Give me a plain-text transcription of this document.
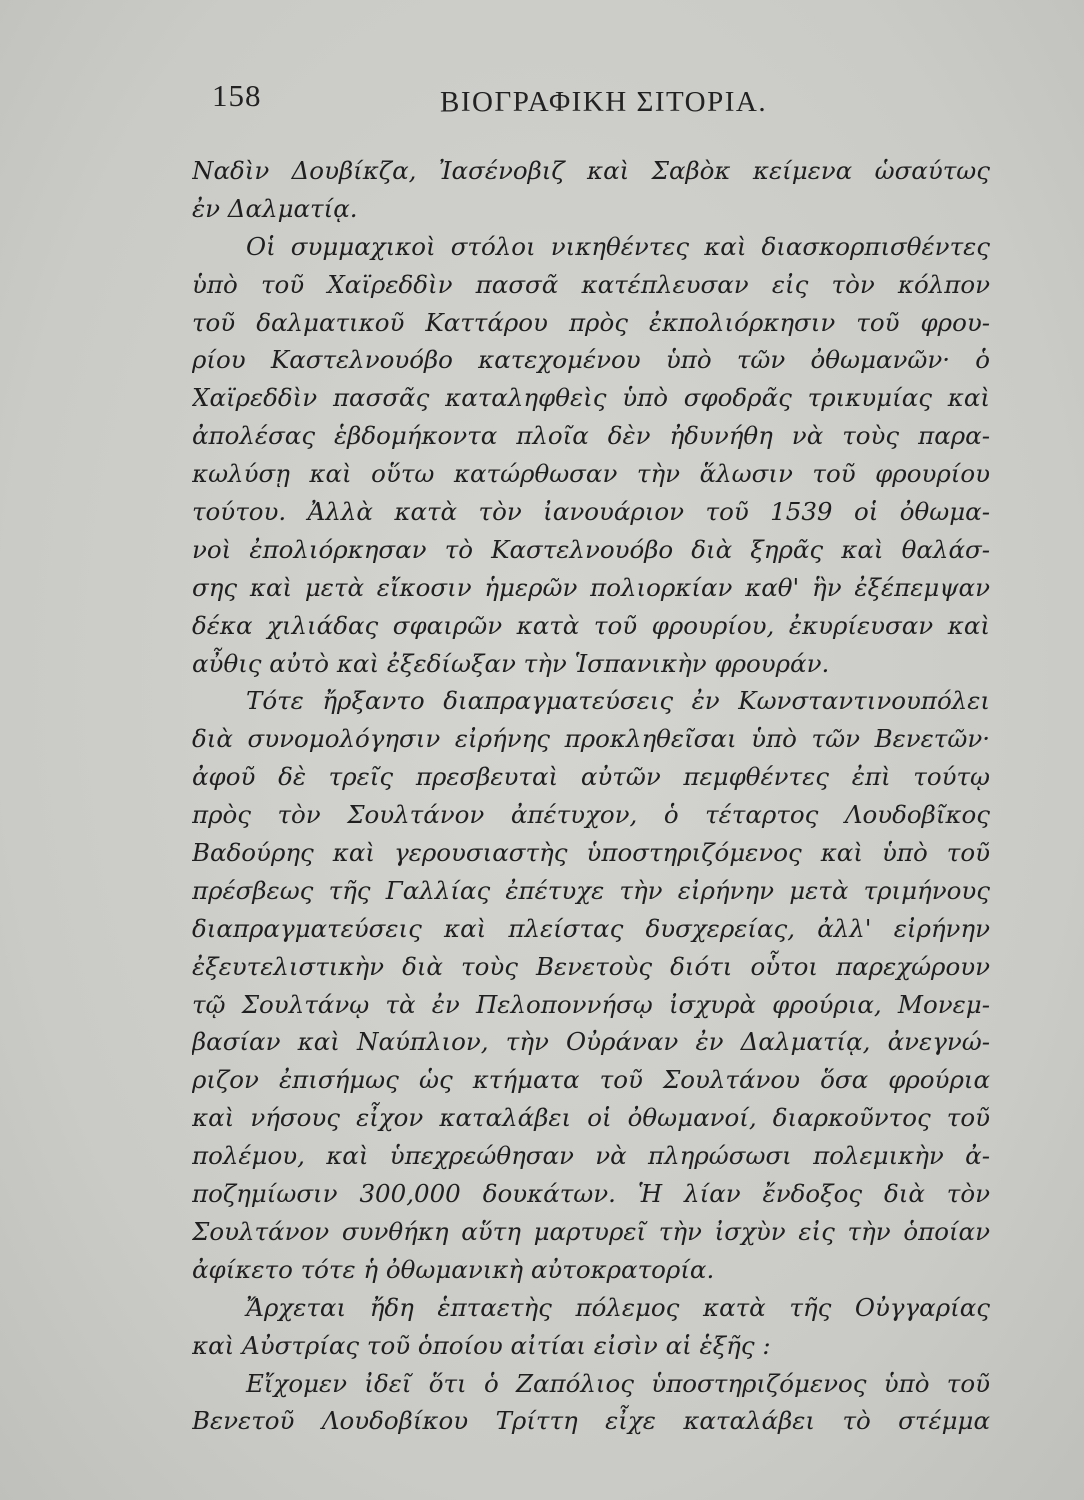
158	ΒΙΟΓΡΑΦΙΚΗ ΣΙΤΟΡΙΑ.
Ναδὶν Δουβίκζα, Ἰασένοβιζ καὶ Σαβὸκ κείμενα ὡσαύτως
ἐν Δαλματίᾳ.
Οἱ συμμαχικοὶ στόλοι νικηθέντες καὶ διασκορπισθέντες
ὑπὸ τοῦ Χαϊρεδδὶν πασσᾶ κατέπλευσαν εἰς τὸν κόλπον
τοῦ δαλματικοῦ Καττάρου πρὸς ἐκπολιόρκησιν τοῦ φρου-
ρίου Καστελνουόβο κατεχομένου ὑπὸ τῶν ὀθωμανῶν· ὁ
Χαϊρεδδὶν πασσᾶς καταληφθεὶς ὑπὸ σφοδρᾶς τρικυμίας καὶ
ἀπολέσας ἑβδομήκοντα πλοῖα δὲν ἠδυνήθη νὰ τοὺς παρα-
κωλύσῃ καὶ οὕτω κατώρθωσαν τὴν ἅλωσιν τοῦ φρουρίου
τούτου. Ἀλλὰ κατὰ τὸν ἰανουάριον τοῦ 1539 οἱ ὀθωμα-
νοὶ ἐπολιόρκησαν τὸ Καστελνουόβο διὰ ξηρᾶς καὶ θαλάσ-
σης καὶ μετὰ εἴκοσιν ἡμερῶν πολιορκίαν καθ' ἣν ἐξέπεμψαν
δέκα χιλιάδας σφαιρῶν κατὰ τοῦ φρουρίου, ἐκυρίευσαν καὶ
αὖθις αὐτὸ καὶ ἐξεδίωξαν τὴν Ἱσπανικὴν φρουράν.
Τότε ἤρξαντο διαπραγματεύσεις ἐν Κωνσταντινουπόλει
διὰ συνομολόγησιν εἰρήνης προκληθεῖσαι ὑπὸ τῶν Βενετῶν·
ἀφοῦ δὲ τρεῖς πρεσβευταὶ αὐτῶν πεμφθέντες ἐπὶ τούτῳ
πρὸς τὸν Σουλτάνον ἀπέτυχον, ὁ τέταρτος Λουδοβῖκος
Βαδούρης καὶ γερουσιαστὴς ὑποστηριζόμενος καὶ ὑπὸ τοῦ
πρέσβεως τῆς Γαλλίας ἐπέτυχε τὴν εἰρήνην μετὰ τριμήνους
διαπραγματεύσεις καὶ πλείστας δυσχερείας, ἀλλ' εἰρήνην
ἐξευτελιστικὴν διὰ τοὺς Βενετοὺς διότι οὗτοι παρεχώρουν
τῷ Σουλτάνῳ τὰ ἐν Πελοποννήσῳ ἰσχυρὰ φρούρια, Μονεμ-
βασίαν καὶ Ναύπλιον, τὴν Οὐράναν ἐν Δαλματίᾳ, ἀνεγνώ-
ριζον ἐπισήμως ὡς κτήματα τοῦ Σουλτάνου ὅσα φρούρια
καὶ νήσους εἶχον καταλάβει οἱ ὀθωμανοί, διαρκοῦντος τοῦ
πολέμου, καὶ ὑπεχρεώθησαν νὰ πληρώσωσι πολεμικὴν ἀ-
ποζημίωσιν 300,000 δουκάτων. Ἡ λίαν ἔνδοξος διὰ τὸν
Σουλτάνον συνθήκη αὕτη μαρτυρεῖ τὴν ἰσχὺν εἰς τὴν ὁποίαν
ἀφίκετο τότε ἡ ὀθωμανικὴ αὐτοκρατορία.
Ἄρχεται ἤδη ἑπταετὴς πόλεμος κατὰ τῆς Οὐγγαρίας
καὶ Αὐστρίας τοῦ ὁποίου αἰτίαι εἰσὶν αἱ ἑξῆς :
Εἴχομεν ἰδεῖ ὅτι ὁ Ζαπόλιος ὑποστηριζόμενος ὑπὸ τοῦ
Βενετοῦ Λουδοβίκου Τρίττη εἶχε καταλάβει τὸ στέμμα
